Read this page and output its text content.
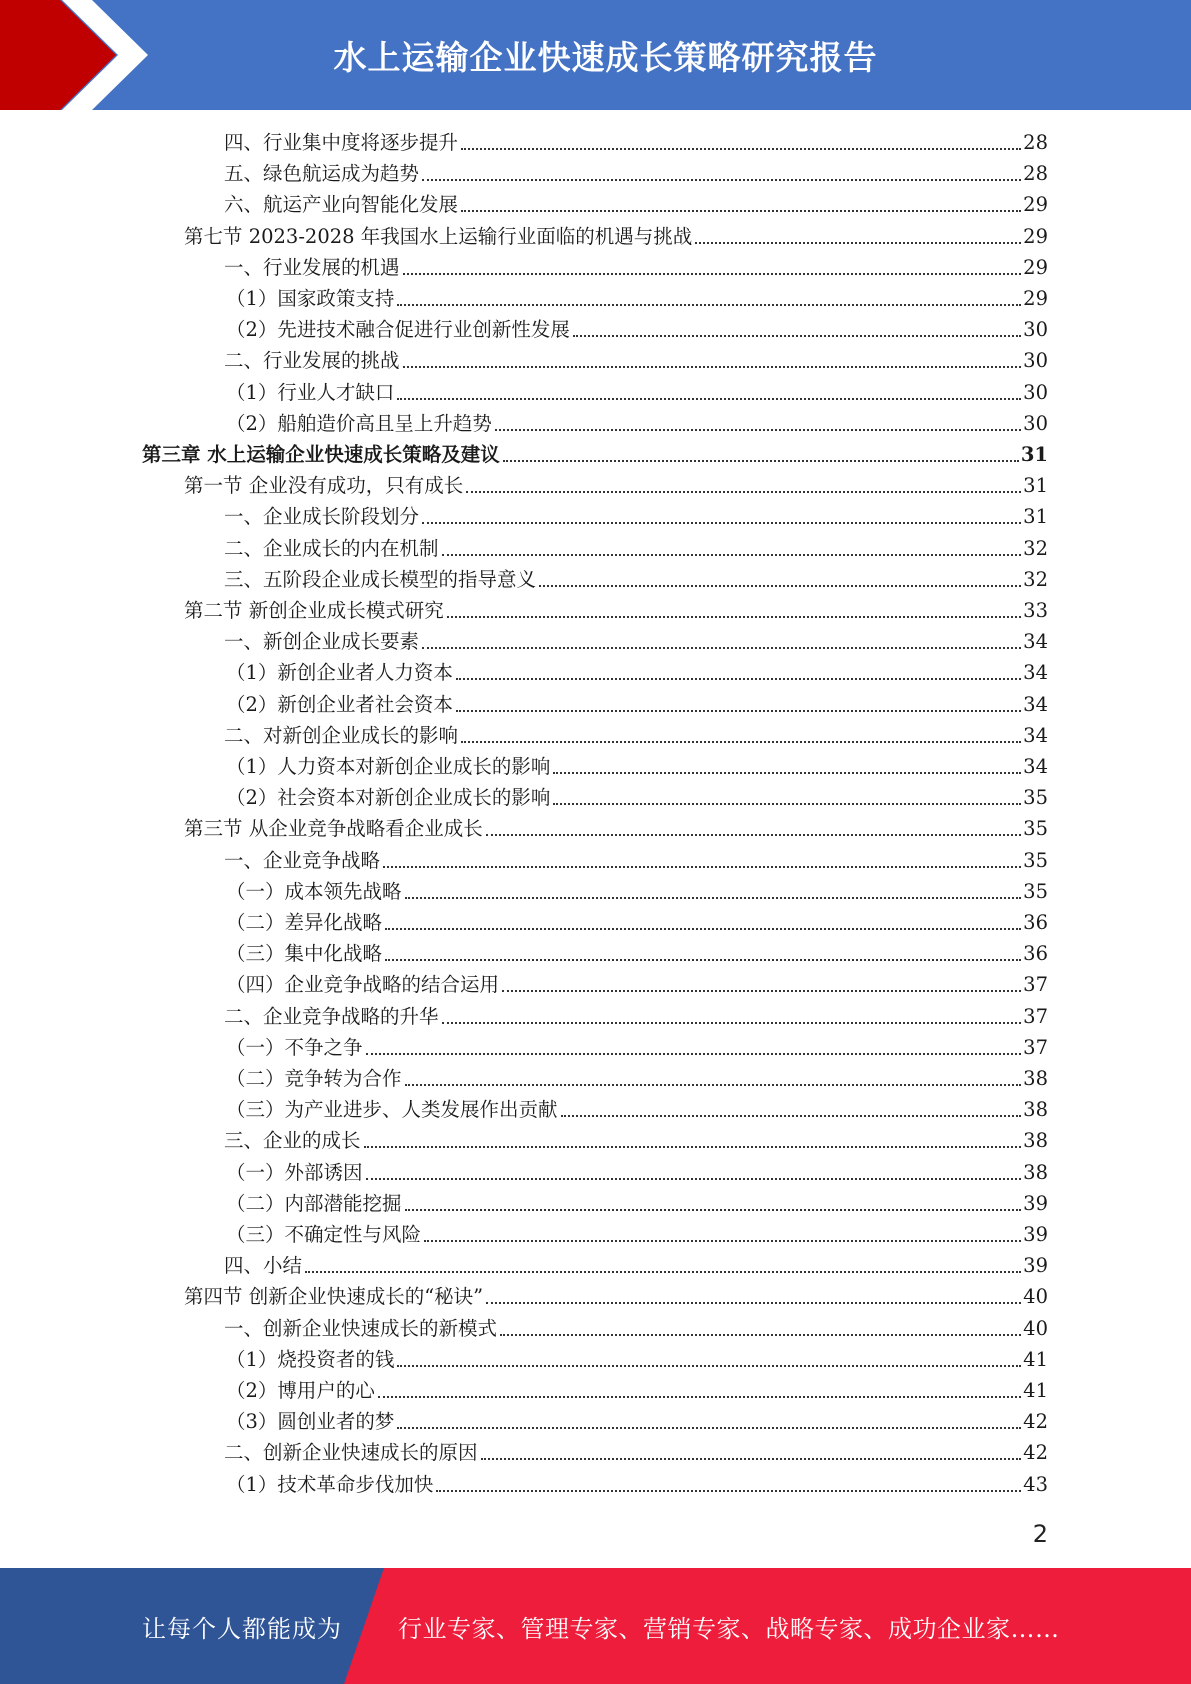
水上运输企业快速成长策略研究报告
四、行业集中度将逐步提升	28
五、绿色航运成为趋势	28
六、航运产业向智能化发展	29
第七节 2023-2028 年我国水上运输行业面临的机遇与挑战	29
一、行业发展的机遇	29
（1）国家政策支持	29
（2）先进技术融合促进行业创新性发展	30
二、行业发展的挑战	30
（1）行业人才缺口	30
（2）船舶造价高且呈上升趋势	30
第三章 水上运输企业快速成长策略及建议	31
第一节 企业没有成功，只有成长	31
一、企业成长阶段划分	31
二、企业成长的内在机制	32
三、五阶段企业成长模型的指导意义	32
第二节 新创企业成长模式研究	33
一、新创企业成长要素	34
（1）新创企业者人力资本	34
（2）新创企业者社会资本	34
二、对新创企业成长的影响	34
（1）人力资本对新创企业成长的影响	34
（2）社会资本对新创企业成长的影响	35
第三节 从企业竞争战略看企业成长	35
一、企业竞争战略	35
（一）成本领先战略	35
（二）差异化战略	36
（三）集中化战略	36
（四）企业竞争战略的结合运用	37
二、企业竞争战略的升华	37
（一）不争之争	37
（二）竞争转为合作	38
（三）为产业进步、人类发展作出贡献	38
三、企业的成长	38
（一）外部诱因	38
（二）内部潜能挖掘	39
（三）不确定性与风险	39
四、小结	39
第四节 创新企业快速成长的“秘诀”	40
一、创新企业快速成长的新模式	40
（1）烧投资者的钱	41
（2）博用户的心	41
（3）圆创业者的梦	42
二、创新企业快速成长的原因	42
（1）技术革命步伐加快	43
2
让每个人都能成为 行业专家、管理专家、营销专家、战略专家、成功企业家……
